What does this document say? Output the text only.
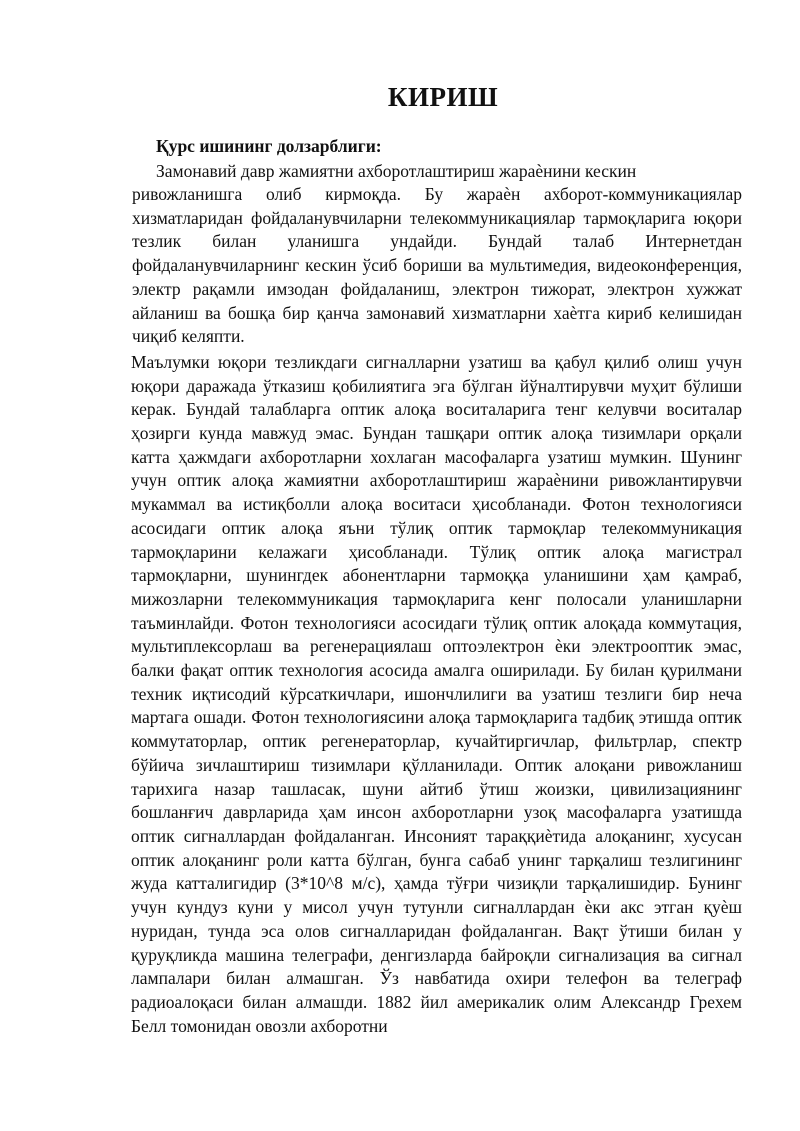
КИРИШ
Қурс ишининг долзарблиги:
Замонавий давр жамиятни ахборотлаштириш жараѐнини кескин

ривожланишга олиб кирмоқда. Бу жараѐн ахборот-коммуникациялар хизматларидан фойдаланувчиларни телекоммуникациялар тармоқларига юқори тезлик билан уланишга ундайди. Бундай талаб Интернетдан фойдаланувчиларнинг кескин ўсиб бориши ва мультимедия, видеоконференция, электр рақамли имзодан фойдаланиш, электрон тижорат, электрон хужжат айланиш ва бошқа бир қанча замонавий хизматларни хаѐтга кириб келишидан чиқиб келяпти.

Маълумки юқори тезликдаги сигналларни узатиш ва қабул қилиб олиш учун юқори даражада ўтказиш қобилиятига эга бўлган йўналтирувчи муҳит бўлиши керак. Бундай талабларга оптик алоқа воситаларига тенг келувчи воситалар ҳозирги кунда мавжуд эмас. Бундан ташқари оптик алоқа тизимлари орқали катта ҳажмдаги ахборотларни хохлаган масофаларга узатиш мумкин. Шунинг учун оптик алоқа жамиятни ахборотлаштириш жараѐнини ривожлантирувчи мукаммал ва истиқболли алоқа воситаси ҳисобланади. Фотон технологияси асосидаги оптик алоқа яъни тўлиқ оптик тармоқлар телекоммуникация тармоқларини келажаги ҳисобланади. Тўлиқ оптик алоқа магистрал тармоқларни, шунингдек абонентларни тармоққа уланишини ҳам қамраб, мижозларни телекоммуникация тармоқларига кенг полосали уланишларни таъминлайди. Фотон технологияси асосидаги тўлиқ оптик алоқада коммутация, мультиплексорлаш ва регенерациялаш оптоэлектрон ѐки электрооптик эмас, балки фақат оптик технология асосида амалга оширилади. Бу билан қурилмани техник иқтисодий кўрсаткичлари, ишончлилиги ва узатиш тезлиги бир неча мартага ошади. Фотон технологиясини алоқа тармоқларига тадбиқ этишда оптик коммутаторлар, оптик регенераторлар, кучайтиргичлар, фильтрлар, спектр бўйича зичлаштириш тизимлари қўлланилади. Оптик алоқани ривожланиш тарихига назар ташласак, шуни айтиб ўтиш жоизки, цивилизациянинг бошланғич даврларида ҳам инсон ахборотларни узоқ масофаларга узатишда оптик сигналлардан фойдаланган. Инсоният тараққиѐтида алоқанинг, хусусан оптик алоқанинг роли катта бўлган, бунга сабаб унинг тарқалиш тезлигининг жуда катталигидир (3*10^8 м/с), ҳамда тўғри чизиқли тарқалишидир. Бунинг учун кундуз куни у мисол учун тутунли сигналлардан ѐки акс этган қуѐш нуридан, тунда эса олов сигналларидан фойдаланган. Вақт ўтиши билан у қуруқликда машина телеграфи, денгизларда байроқли сигнализация ва сигнал лампалари билан алмашган. Ўз навбатида охири телефон ва телеграф радиоалоқаси билан алмашди. 1882 йил америкалик олим Александр Грехем Белл томонидан овозли ахборотни
